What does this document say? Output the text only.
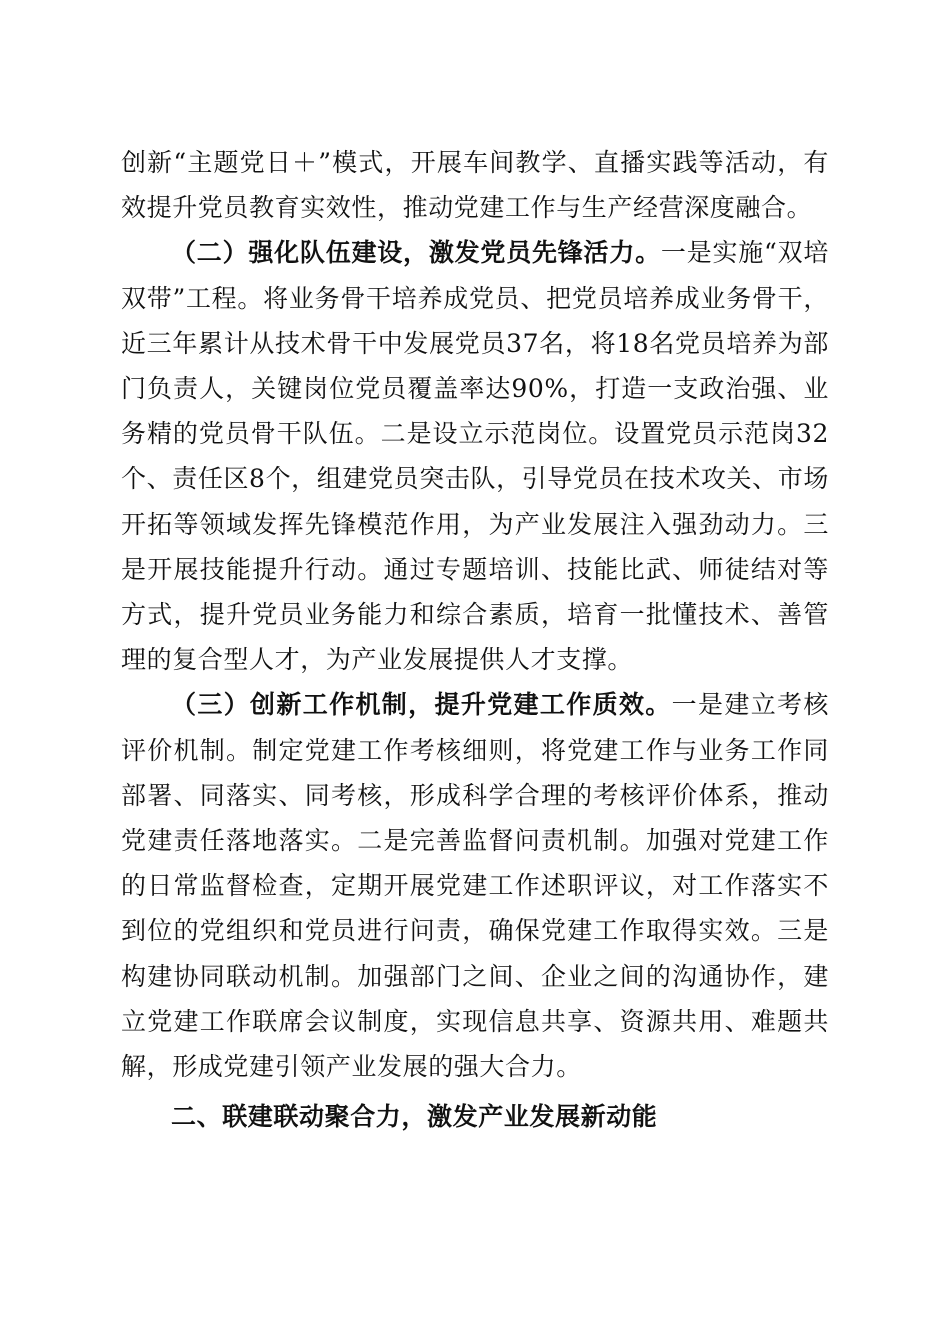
创新“主题党日＋”模式，开展车间教学、直播实践等活动，有效提升党员教育实效性，推动党建工作与生产经营深度融合。

（二）强化队伍建设，激发党员先锋活力。一是实施“双培双带”工程。将业务骨干培养成党员、把党员培养成业务骨干，近三年累计从技术骨干中发展党员37名，将18名党员培养为部门负责人，关键岗位党员覆盖率达90%，打造一支政治强、业务精的党员骨干队伍。二是设立示范岗位。设置党员示范岗32个、责任区8个，组建党员突击队，引导党员在技术攻关、市场开拓等领域发挥先锋模范作用，为产业发展注入强劲动力。三是开展技能提升行动。通过专题培训、技能比武、师徒结对等方式，提升党员业务能力和综合素质，培育一批懂技术、善管理的复合型人才，为产业发展提供人才支撑。

（三）创新工作机制，提升党建工作质效。一是建立考核评价机制。制定党建工作考核细则，将党建工作与业务工作同部署、同落实、同考核，形成科学合理的考核评价体系，推动党建责任落地落实。二是完善监督问责机制。加强对党建工作的日常监督检查，定期开展党建工作述职评议，对工作落实不到位的党组织和党员进行问责，确保党建工作取得实效。三是构建协同联动机制。加强部门之间、企业之间的沟通协作，建立党建工作联席会议制度，实现信息共享、资源共用、难题共解，形成党建引领产业发展的强大合力。

二、联建联动聚合力，激发产业发展新动能
